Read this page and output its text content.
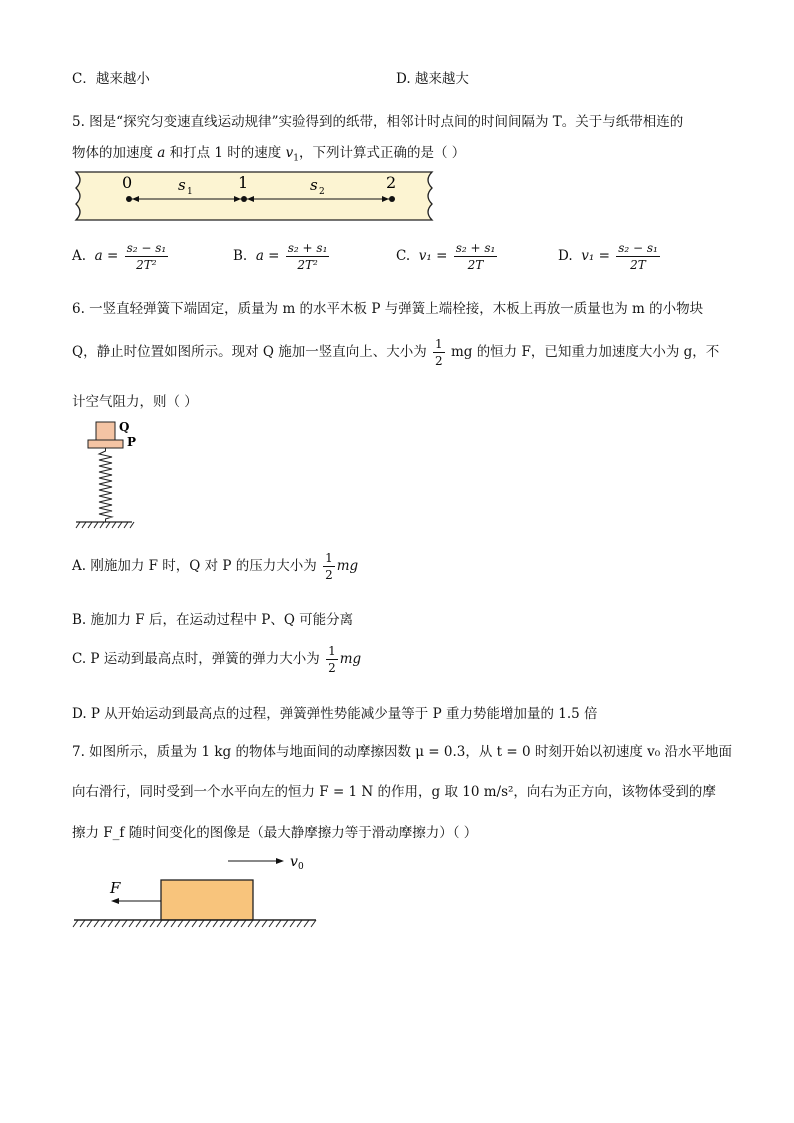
C．越来越小	D. 越来越大
5. 图是“探究匀变速直线运动规律”实验得到的纸带，相邻计时点间的时间间隔为 T。关于与纸带相连的
物体的加速度 a 和打点 1 时的速度 $v_1$，下列计算式正确的是（ ）
0	1	2
s 1	s 2
A. $a = \frac{\text{s₂ − s₁}}{\text{2T²}}$	B. $a = \frac{\text{s₂ + s₁}}{\text{2T²}}$	C. $v_1 = \frac{\text{s₂ + s₁}}{2T}$	D. $v_1 = \frac{\text{s₂ − s₁}}{2T}$
6. 一竖直轻弹簧下端固定，质量为 m 的水平木板 P 与弹簧上端栓接，木板上再放一质量也为 m 的小物块
Q，静止时位置如图所示。现对 Q 施加一竖直向上、大小为 $\frac{1}{2}$ mg 的恒力 F，已知重力加速度大小为 g，不
计空气阻力，则（ ）
Q
P
A. 刚施加力 F 时，Q 对 P 的压力大小为 $\frac{1}{2}$ mg
B. 施加力 F 后，在运动过程中 P、Q 可能分离
C. P 运动到最高点时，弹簧的弹力大小为 $\frac{1}{2}$ mg
D. P 从开始运动到最高点的过程，弹簧弹性势能减少量等于 P 重力势能增加量的 1.5 倍
7. 如图所示，质量为 1 kg 的物体与地面间的动摩擦因数 μ = 0.3，从 t = 0 时刻开始以初速度 v₀ 沿水平地面
向右滑行，同时受到一个水平向左的恒力 F = 1 N 的作用，g 取 10 m/s²，向右为正方向，该物体受到的摩
擦力 F_f 随时间变化的图像是（最大静摩擦力等于滑动摩擦力）（ ）
v 0
F
